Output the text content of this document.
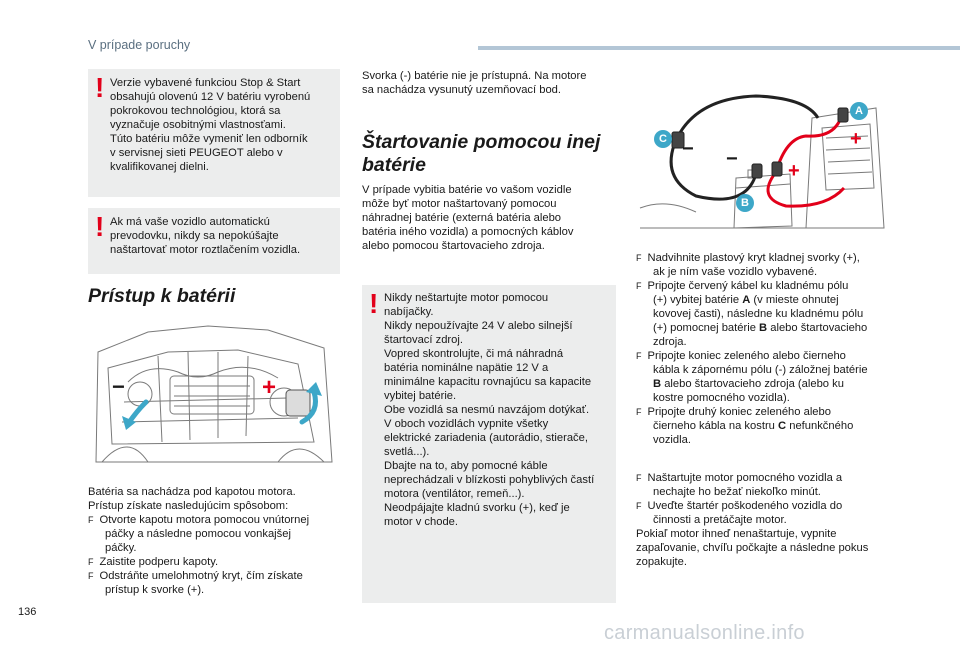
V prípade poruchy
! Verzie vybavené funkciou Stop & Start
obsahujú olovenú 12 V batériu vyrobenú
pokrokovou technológiou, ktorá sa
vyznačuje osobitnými vlastnosťami.
Túto batériu môže vymeniť len odborník
v servisnej sieti PEUGEOT alebo v
kvalifikovanej dielni.
! Ak má vaše vozidlo automatickú
prevodovku, nikdy sa nepokúšajte
naštartovať motor roztlačením vozidla.
Prístup k batérii
−	+
Batéria sa nachádza pod kapotou motora.
Prístup získate nasledujúcim spôsobom:
F Otvorte kapotu motora pomocou vnútornej
páčky a následne pomocou vonkajšej
páčky.
F Zaistite podperu kapoty.
F Odstráňte umelohmotný kryt, čím získate
prístup k svorke (+).
Svorka (-) batérie nie je prístupná. Na motore
sa nachádza vysunutý uzemňovací bod.
Štartovanie pomocou inej
batérie
V prípade vybitia batérie vo vašom vozidle
môže byť motor naštartovaný pomocou
náhradnej batérie (externá batéria alebo
batéria iného vozidla) a pomocných káblov
alebo pomocou štartovacieho zdroja.
! Nikdy neštartujte motor pomocou
nabíjačky.
Nikdy nepoužívajte 24 V alebo silnejší
štartovací zdroj.
Vopred skontrolujte, či má náhradná
batéria nominálne napätie 12 V a
minimálne kapacitu rovnajúcu sa kapacite
vybitej batérie.
Obe vozidlá sa nesmú navzájom dotýkať.
V oboch vozidlách vypnite všetky
elektrické zariadenia (autorádio, stierače,
svetlá...).
Dbajte na to, aby pomocné káble
neprechádzali v blízkosti pohyblivých častí
motora (ventilátor, remeň...).
Neodpájajte kladnú svorku (+), keď je
motor v chode.
A
B
C − −
+
+
F Nadvihnite plastový kryt kladnej svorky (+),
ak je ním vaše vozidlo vybavené.
F Pripojte červený kábel ku kladnému pólu
(+) vybitej batérie A (v mieste ohnutej
kovovej časti), následne ku kladnému pólu
(+) pomocnej batérie B alebo štartovacieho
zdroja.
F Pripojte koniec zeleného alebo čierneho
kábla k zápornému pólu (-) záložnej batérie
B alebo štartovacieho zdroja (alebo ku
kostre pomocného vozidla).
F Pripojte druhý koniec zeleného alebo
čierneho kábla na kostru C nefunkčného
vozidla.
F Naštartujte motor pomocného vozidla a
nechajte ho bežať niekoľko minút.
F Uveďte štartér poškodeného vozidla do
činnosti a pretáčajte motor.
Pokiaľ motor ihneď nenaštartuje, vypnite
zapaľovanie, chvíľu počkajte a následne pokus
zopakujte.
136
carmanualsonline.info
